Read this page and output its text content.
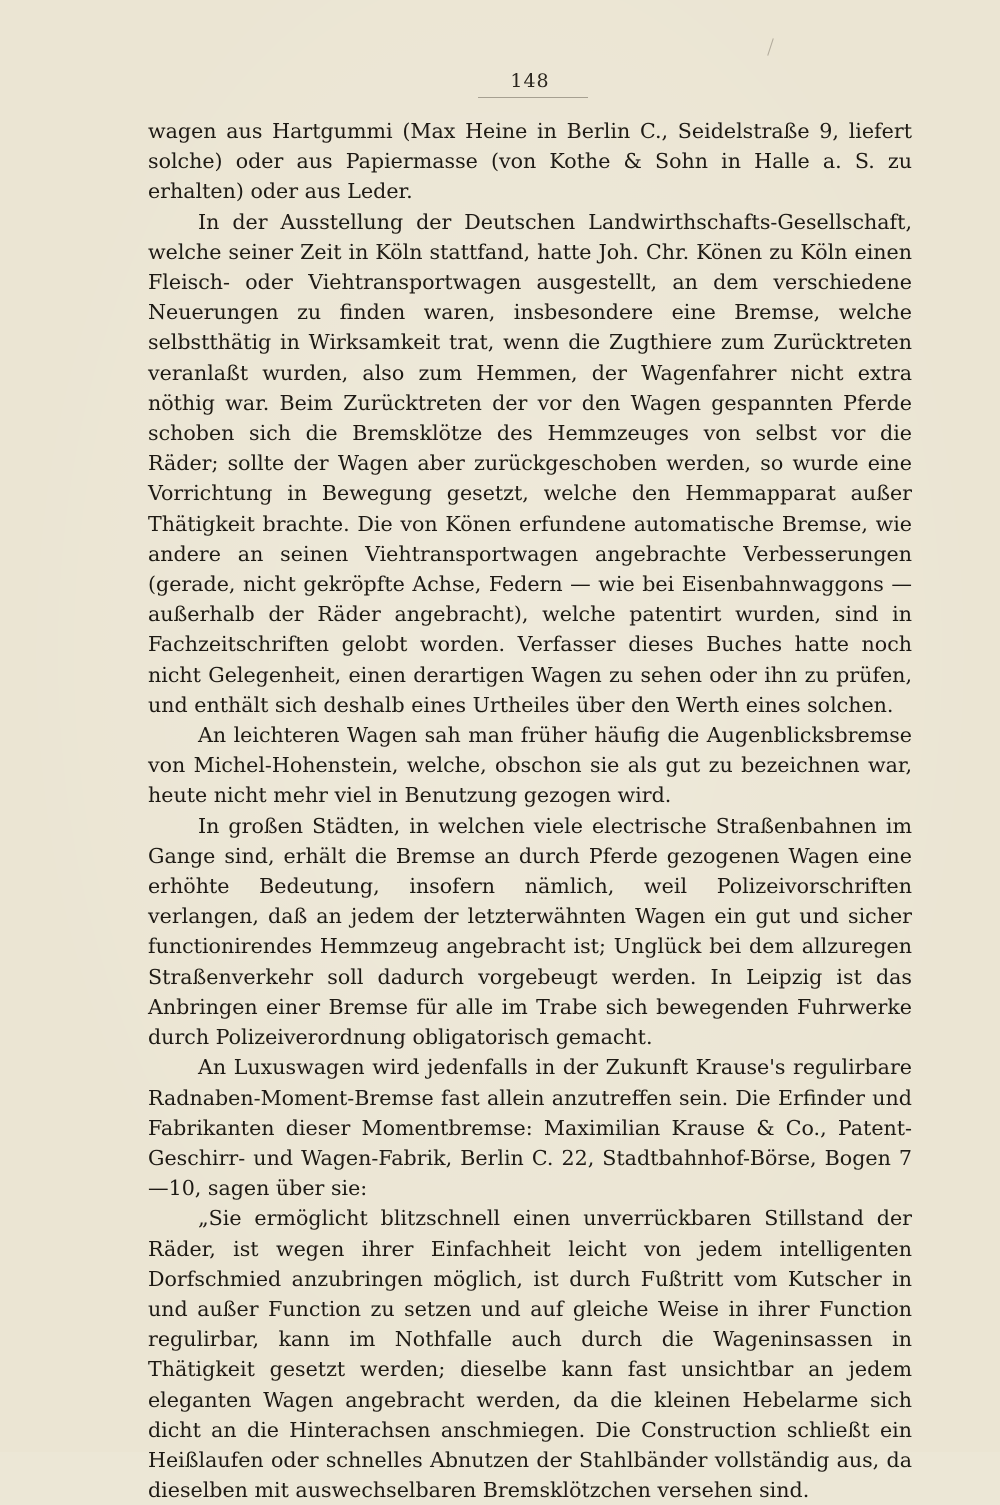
148

wagen aus Hartgummi (Max Heine in Berlin C., Seidelstraße 9, liefert solche) oder aus Papiermasse (von Kothe & Sohn in Halle a. S. zu erhalten) oder aus Leder.

In der Ausstellung der Deutschen Landwirthschafts-Gesellschaft, welche seiner Zeit in Köln stattfand, hatte Joh. Chr. Könen zu Köln einen Fleisch- oder Viehtransportwagen ausgestellt, an dem verschiedene Neuerungen zu finden waren, insbesondere eine Bremse, welche selbstthätig in Wirksamkeit trat, wenn die Zugthiere zum Zurücktreten veranlaßt wurden, also zum Hemmen, der Wagenfahrer nicht extra nöthig war. Beim Zurücktreten der vor den Wagen gespannten Pferde schoben sich die Bremsklötze des Hemmzeuges von selbst vor die Räder; sollte der Wagen aber zurückgeschoben werden, so wurde eine Vorrichtung in Bewegung gesetzt, welche den Hemmapparat außer Thätigkeit brachte. Die von Könen erfundene automatische Bremse, wie andere an seinen Viehtransportwagen angebrachte Verbesserungen (gerade, nicht gekröpfte Achse, Federn — wie bei Eisenbahnwaggons — außerhalb der Räder angebracht), welche patentirt wurden, sind in Fachzeitschriften gelobt worden. Verfasser dieses Buches hatte noch nicht Gelegenheit, einen derartigen Wagen zu sehen oder ihn zu prüfen, und enthält sich deshalb eines Urtheiles über den Werth eines solchen.

An leichteren Wagen sah man früher häufig die Augenblicksbremse von Michel-Hohenstein, welche, obschon sie als gut zu bezeichnen war, heute nicht mehr viel in Benutzung gezogen wird.

In großen Städten, in welchen viele electrische Straßenbahnen im Gange sind, erhält die Bremse an durch Pferde gezogenen Wagen eine erhöhte Bedeutung, insofern nämlich, weil Polizeivorschriften verlangen, daß an jedem der letzterwähnten Wagen ein gut und sicher functionirendes Hemmzeug angebracht ist; Unglück bei dem allzuregen Straßenverkehr soll dadurch vorgebeugt werden. In Leipzig ist das Anbringen einer Bremse für alle im Trabe sich bewegenden Fuhrwerke durch Polizeiverordnung obligatorisch gemacht.

An Luxuswagen wird jedenfalls in der Zukunft Krause's regulirbare Radnaben-Moment-Bremse fast allein anzutreffen sein. Die Erfinder und Fabrikanten dieser Momentbremse: Maximilian Krause & Co., Patent-Geschirr- und Wagen-Fabrik, Berlin C. 22, Stadtbahnhof-Börse, Bogen 7—10, sagen über sie:

„Sie ermöglicht blitzschnell einen unverrückbaren Stillstand der Räder, ist wegen ihrer Einfachheit leicht von jedem intelligenten Dorfschmied anzubringen möglich, ist durch Fußtritt vom Kutscher in und außer Function zu setzen und auf gleiche Weise in ihrer Function regulirbar, kann im Nothfalle auch durch die Wageninsassen in Thätigkeit gesetzt werden; dieselbe kann fast unsichtbar an jedem eleganten Wagen angebracht werden, da die kleinen Hebelarme sich dicht an die Hinterachsen anschmiegen. Die Construction schließt ein Heißlaufen oder schnelles Abnutzen der Stahlbänder vollständig aus, da dieselben mit auswechselbaren Bremsklötzchen versehen sind.
